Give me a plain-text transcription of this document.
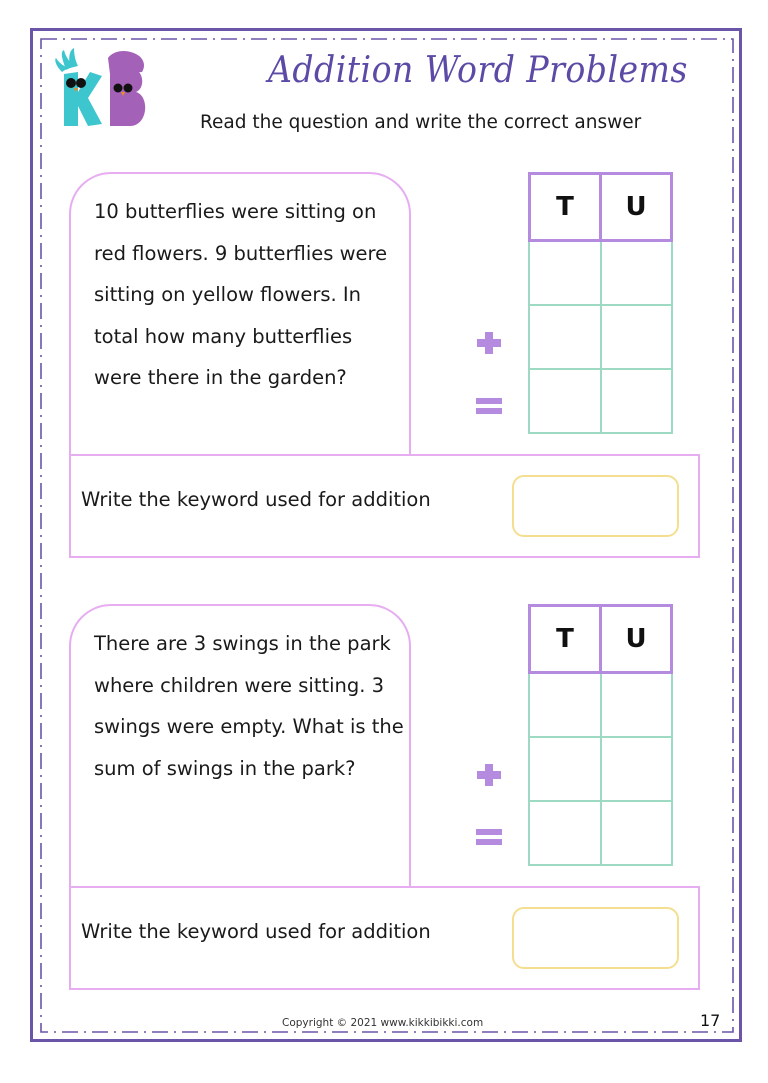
Addition Word Problems
Read the question and write the correct answer
10 butterflies were sitting on red flowers. 9 butterflies were sitting on yellow flowers. In total how many butterflies were there in the garden?
T	U
Write the keyword used for addition
There are 3 swings in the park where children were sitting. 3 swings were empty. What is the sum of swings in the park?
T	U
Write the keyword used for addition
Copyright © 2021 www.kikkibikki.com	17
